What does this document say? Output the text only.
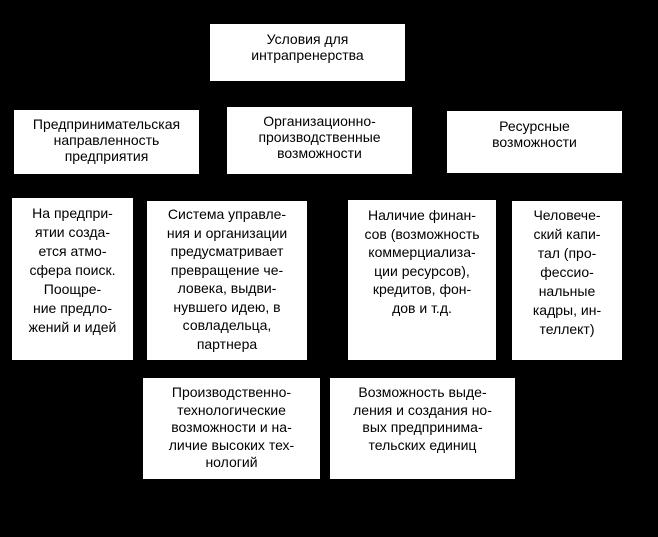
Условия для
интрапренерства
Предпринимательская
направленность
предприятия
Организационно-
производственные
возможности
Ресурсные
возможности
На предпри-
ятии созда-
ется атмо-
сфера поиск.
Поощре-
ние предло-
жений и идей
Система управле-
ния и организации
предусматривает
превращение че-
ловека, выдви-
нувшего идею, в
совладельца,
партнера
Наличие финан-
сов (возможность
коммерциализа-
ции ресурсов),
кредитов, фон-
дов и т.д.
Человече-
ский капи-
тал (про-
фессио-
нальные
кадры, ин-
теллект)
Производственно-
технологические
возможности и на-
личие высоких тех-
нологий
Возможность выде-
ления и создания но-
вых предпринима-
тельских единиц
